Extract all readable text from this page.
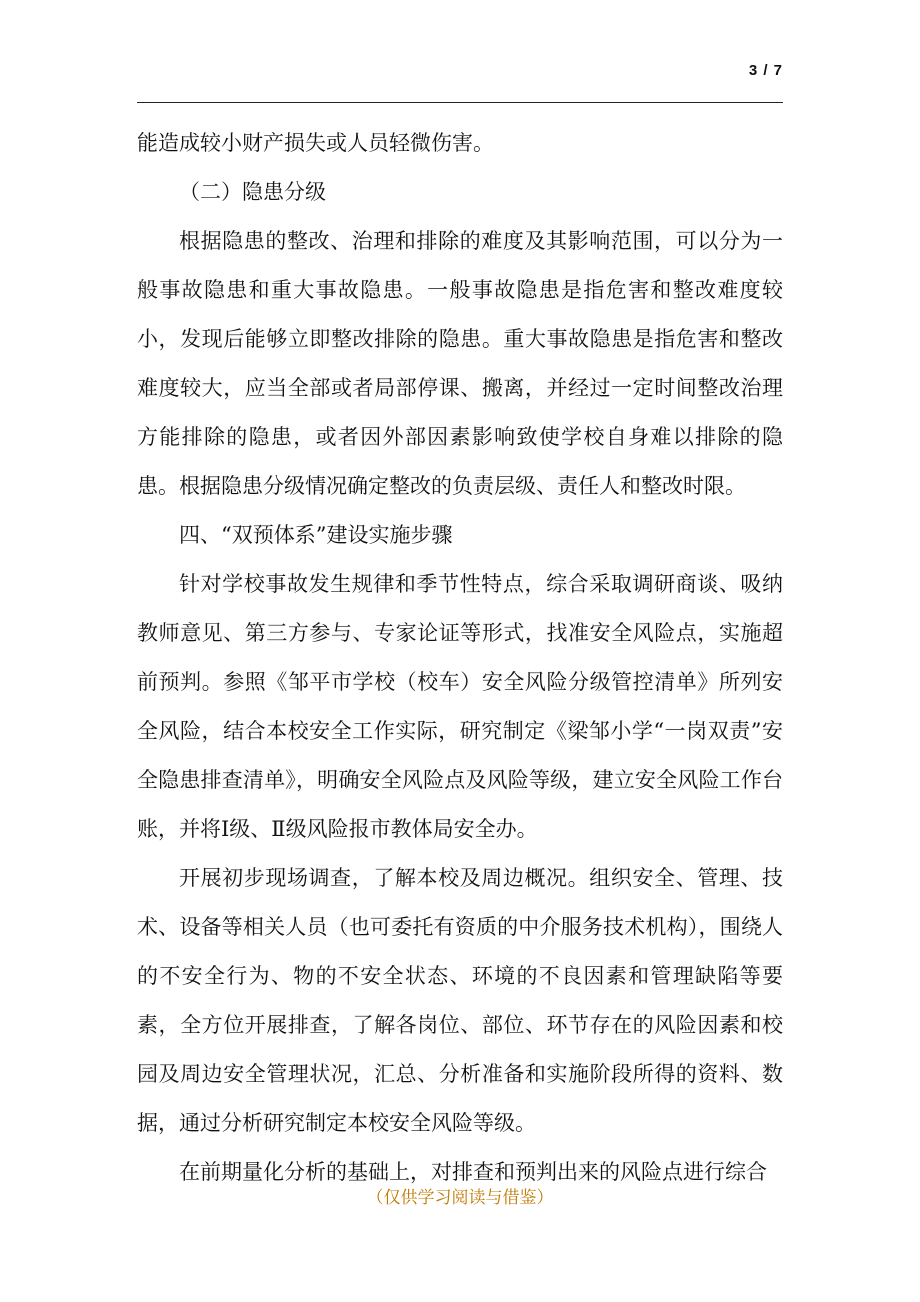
3 / 7

能造成较小财产损失或人员轻微伤害。

（二）隐患分级

根据隐患的整改、治理和排除的难度及其影响范围，可以分为一般事故隐患和重大事故隐患。一般事故隐患是指危害和整改难度较小，发现后能够立即整改排除的隐患。重大事故隐患是指危害和整改难度较大，应当全部或者局部停课、搬离，并经过一定时间整改治理方能排除的隐患，或者因外部因素影响致使学校自身难以排除的隐患。根据隐患分级情况确定整改的负责层级、责任人和整改时限。

四、“双预体系”建设实施步骤

针对学校事故发生规律和季节性特点，综合采取调研商谈、吸纳教师意见、第三方参与、专家论证等形式，找准安全风险点，实施超前预判。参照《邹平市学校（校车）安全风险分级管控清单》所列安全风险，结合本校安全工作实际，研究制定《梁邹小学“一岗双责”安全隐患排查清单》，明确安全风险点及风险等级，建立安全风险工作台账，并将Ⅰ级、Ⅱ级风险报市教体局安全办。

开展初步现场调查，了解本校及周边概况。组织安全、管理、技术、设备等相关人员（也可委托有资质的中介服务技术机构），围绕人的不安全行为、物的不安全状态、环境的不良因素和管理缺陷等要素，全方位开展排查，了解各岗位、部位、环节存在的风险因素和校园及周边安全管理状况，汇总、分析准备和实施阶段所得的资料、数据，通过分析研究制定本校安全风险等级。

在前期量化分析的基础上，对排查和预判出来的风险点进行综合

（仅供学习阅读与借鉴）
